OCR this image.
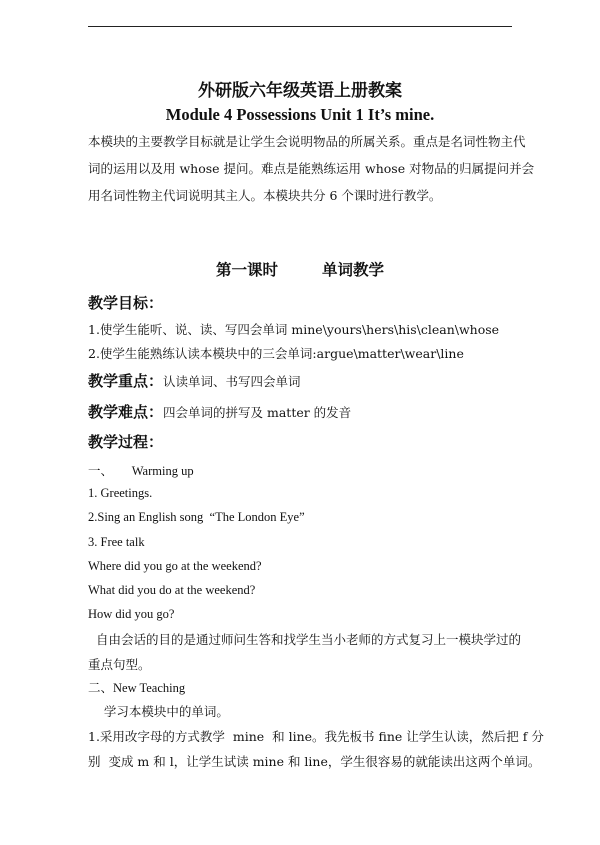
外研版六年级英语上册教案
Module 4 Possessions Unit 1 It’s mine.
本模块的主要教学目标就是让学生会说明物品的所属关系。重点是名词性物主代
词的运用以及用 whose 提问。难点是能熟练运用 whose 对物品的归属提问并会
用名词性物主代词说明其主人。本模块共分 6 个课时进行教学。
第一课时	单词教学
教学目标：
1.使学生能听、说、读、写四会单词 mine\yours\hers\his\clean\whose
2.使学生能熟练认读本模块中的三会单词:argue\matter\wear\line
教学重点：认读单词、书写四会单词
教学难点：四会单词的拼写及 matter 的发音
教学过程：
一、      Warming up
1. Greetings.
2.Sing an English song  “The London Eye”
3. Free talk
Where did you go at the weekend?
What did you do at the weekend?
How did you go?
自由会话的目的是通过师问生答和找学生当小老师的方式复习上一模块学过的
重点句型。
二、New Teaching
学习本模块中的单词。
1.采用改字母的方式教学  mine  和 line。我先板书 fine 让学生认读，然后把 f 分
别  变成 m 和 l，让学生试读 mine 和 line，学生很容易的就能读出这两个单词。
